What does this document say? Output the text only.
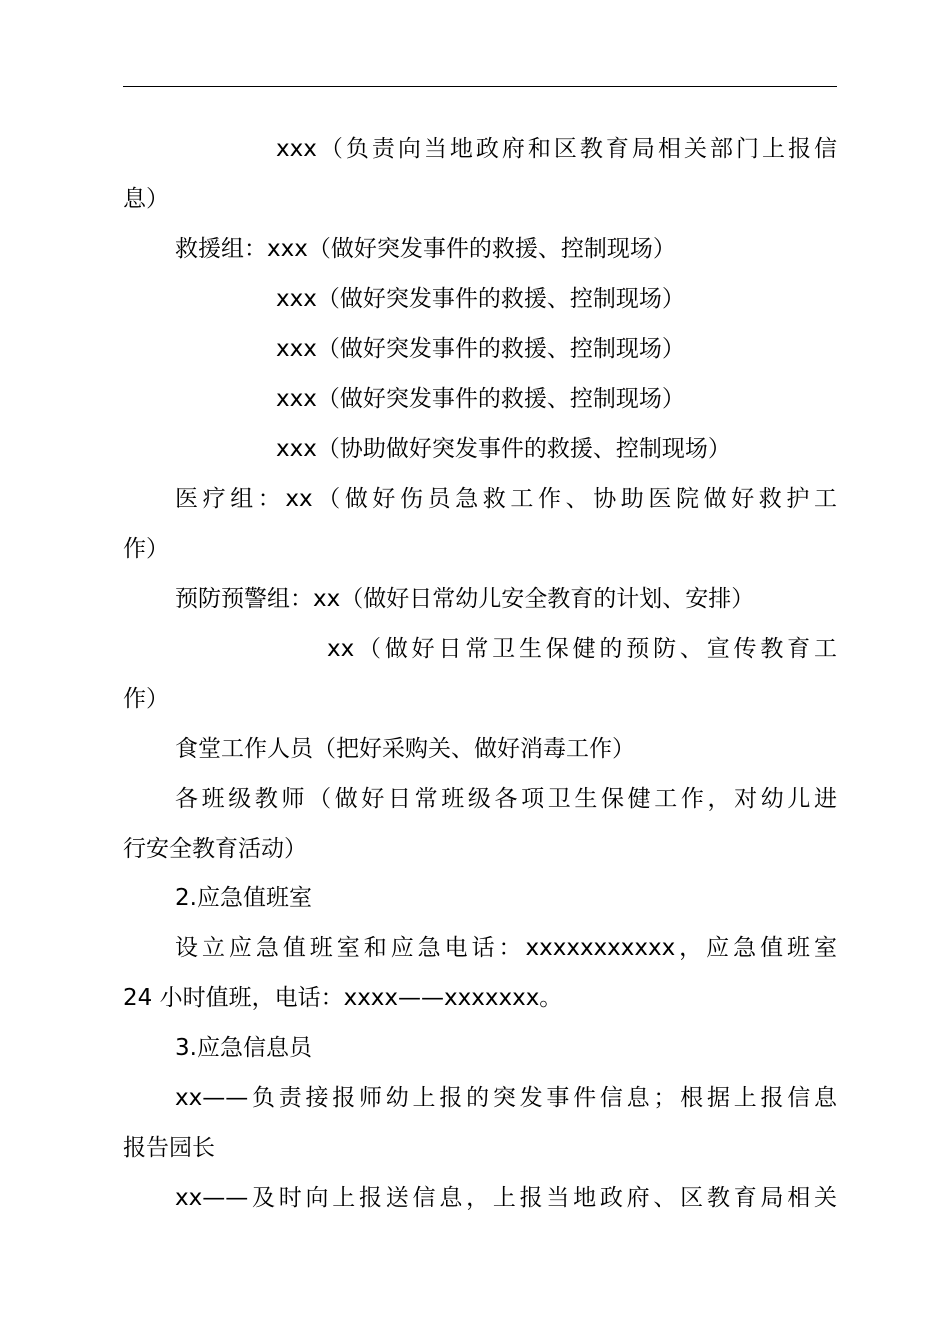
xxx（负责向当地政府和区教育局相关部门上报信
息）
救援组：xxx（做好突发事件的救援、控制现场）
xxx（做好突发事件的救援、控制现场）
xxx（做好突发事件的救援、控制现场）
xxx（做好突发事件的救援、控制现场）
xxx（协助做好突发事件的救援、控制现场）
医疗组：xx（做好伤员急救工作、协助医院做好救护工
作）
预防预警组：xx（做好日常幼儿安全教育的计划、安排）
xx（做好日常卫生保健的预防、宣传教育工
作）
食堂工作人员（把好采购关、做好消毒工作）
各班级教师（做好日常班级各项卫生保健工作，对幼儿进
行安全教育活动）
2.应急值班室
设立应急值班室和应急电话：xxxxxxxxxxx，应急值班室
24 小时值班，电话：xxxx——xxxxxxx。
3.应急信息员
xx——负责接报师幼上报的突发事件信息；根据上报信息
报告园长
xx——及时向上报送信息，上报当地政府、区教育局相关
